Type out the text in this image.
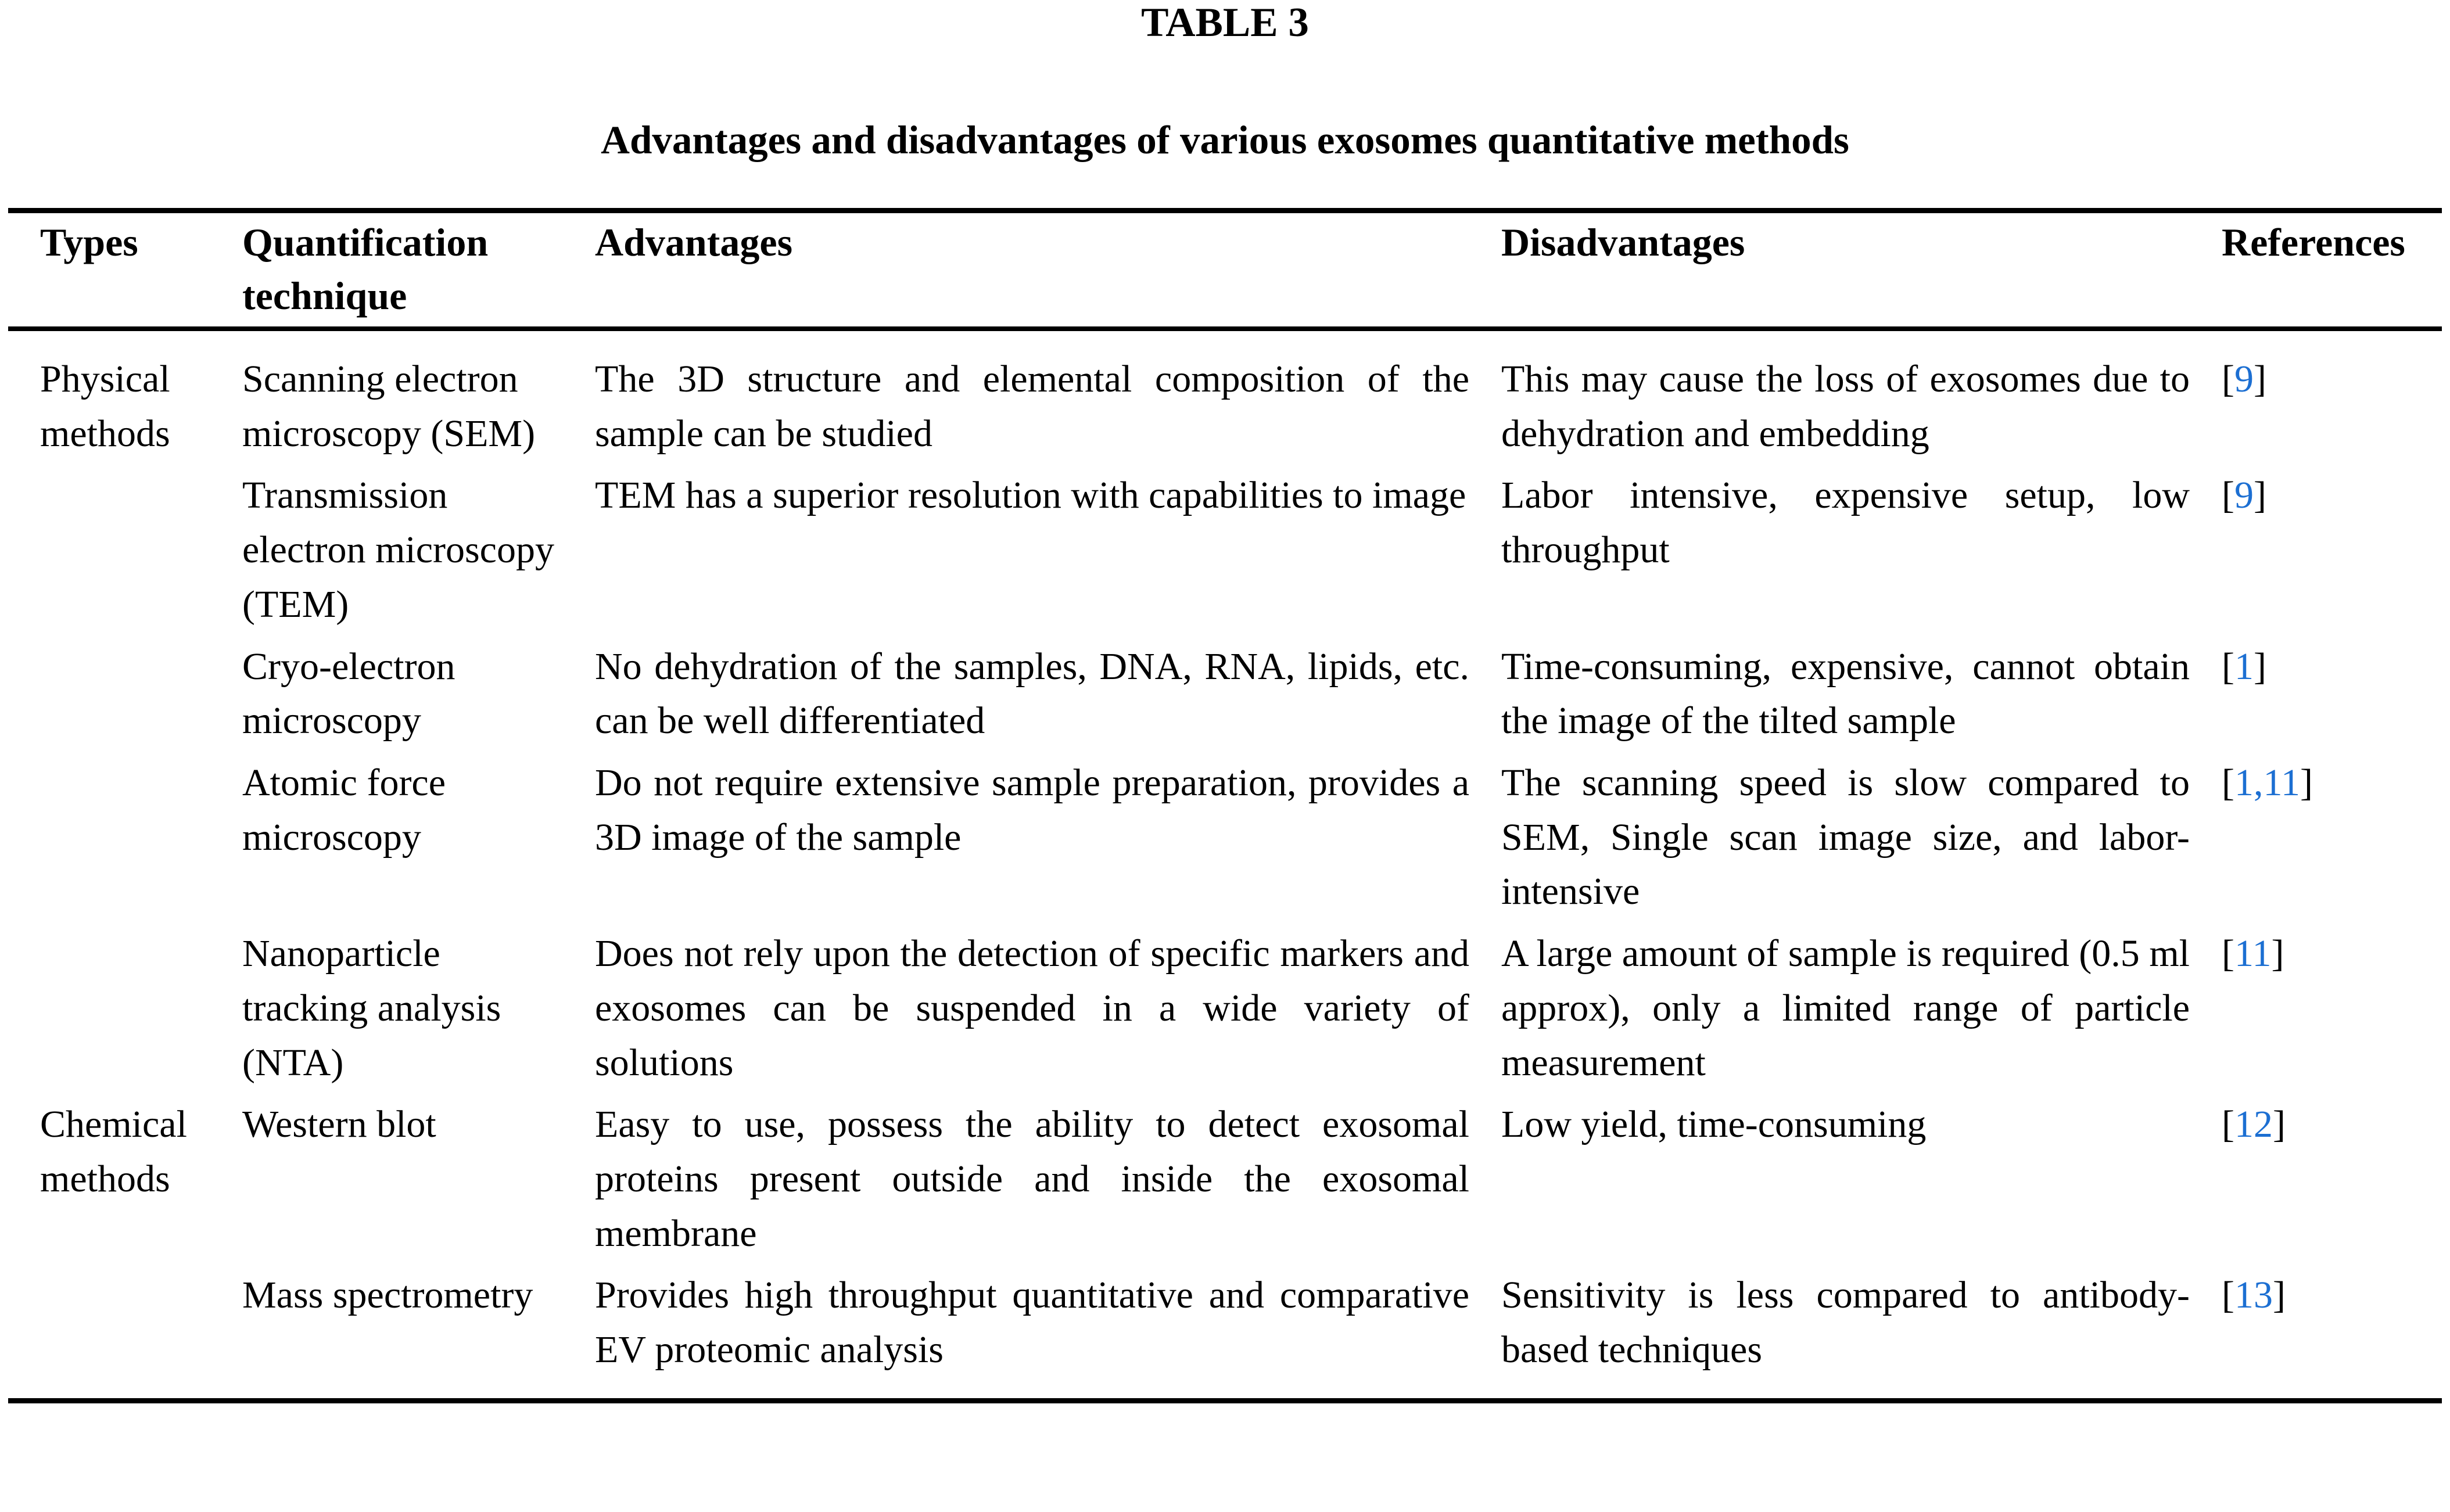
TABLE 3
Advantages and disadvantages of various exosomes quantitative methods
Types	Quantification technique	Advantages	Disadvantages	References
Physical methods	Scanning electron microscopy (SEM)	The 3D structure and elemental composition of the sample can be studied	This may cause the loss of exosomes due to dehydration and embedding	[9]
	Transmission electron microscopy (TEM)	TEM has a superior resolution with capabilities to image	Labor intensive, expensive setup, low throughput	[9]
	Cryo-electron microscopy	No dehydration of the samples, DNA, RNA, lipids, etc. can be well differentiated	Time-consuming, expensive, cannot obtain the image of the tilted sample	[1]
	Atomic force microscopy	Do not require extensive sample preparation, provides a 3D image of the sample	The scanning speed is slow compared to SEM, Single scan image size, and labor-intensive	[1,11]
	Nanoparticle tracking analysis (NTA)	Does not rely upon the detection of specific markers and exosomes can be suspended in a wide variety of solutions	A large amount of sample is required (0.5 ml approx), only a limited range of particle measurement	[11]
Chemical methods	Western blot	Easy to use, possess the ability to detect exosomal proteins present outside and inside the exosomal membrane	Low yield, time-consuming	[12]
	Mass spectrometry	Provides high throughput quantitative and comparative EV proteomic analysis	Sensitivity is less compared to antibody-based techniques	[13]
